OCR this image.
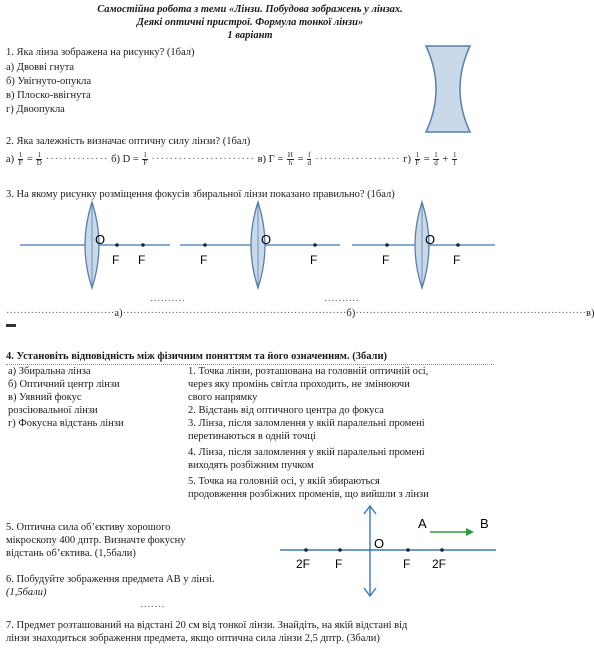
Самостійна робота з теми «Лінзи. Побудова зображень у лінзах.
Деякі оптичні пристрої. Формула тонкої лінзи»
1 варіант
1. Яка лінза зображена на рисунку? (1бал)
а) Двовві гнута
б) Увігнуто-опукла
в) Плоско-ввігнута
г) Двоопукла
2. Яка залежність визначає оптичну силу лінзи? (1бал)
$а) \frac{1}{F} = \frac{1}{D}$ ·············· б) $D = \frac{1}{F}$ ······················· в) $Г = \frac{H}{h} = \frac{f}{d}$ ··················· $г) \frac{1}{F} = \frac{1}{d} + \frac{1}{f}$
3. На якому рисунку розміщення фокусів збиральної лінзи показано правильно? (1бал)
O
F F
O
F	F
O
F	F
··········	··········
·······························а)································································б)··································································в)
4. Установіть відповідність між фізичним поняттям та його означенням. (3бали)
а) Збиральна лінза
б) Оптичний центр лінзи
в) Уявний фокус
розсіювальної лінзи
г) Фокусна відстань лінзи
1. Точка лінзи, розташована на головній оптичній осі,
через яку промінь світла проходить, не змінюючи
свого напрямку
2. Відстань від оптичного центра до фокуса
3. Лінза, після заломлення у якій паралельні промені
перетинаються в одній точці
4. Лінза, після заломлення у якій паралельні промені
виходять розбіжним пучком
5. Точка на головній осі, у якій збираються
продовження розбіжних променів, що вийшли з лінзи
5. Оптична сила об’єктиву хорошого
мікроскопу 400 дптр. Визначте фокусну
відстань об’єктива. (1,5бали)
6. Побудуйте зображення предмета AB у лінзі.
(1,5бали)
A	B
O
2F F	F 2F
·······
7. Предмет розташований на відстані 20 см від тонкої лінзи. Знайдіть, на якій відстані від
лінзи знаходиться зображення предмета, якщо оптична сила лінзи 2,5 дптр. (3бали)
